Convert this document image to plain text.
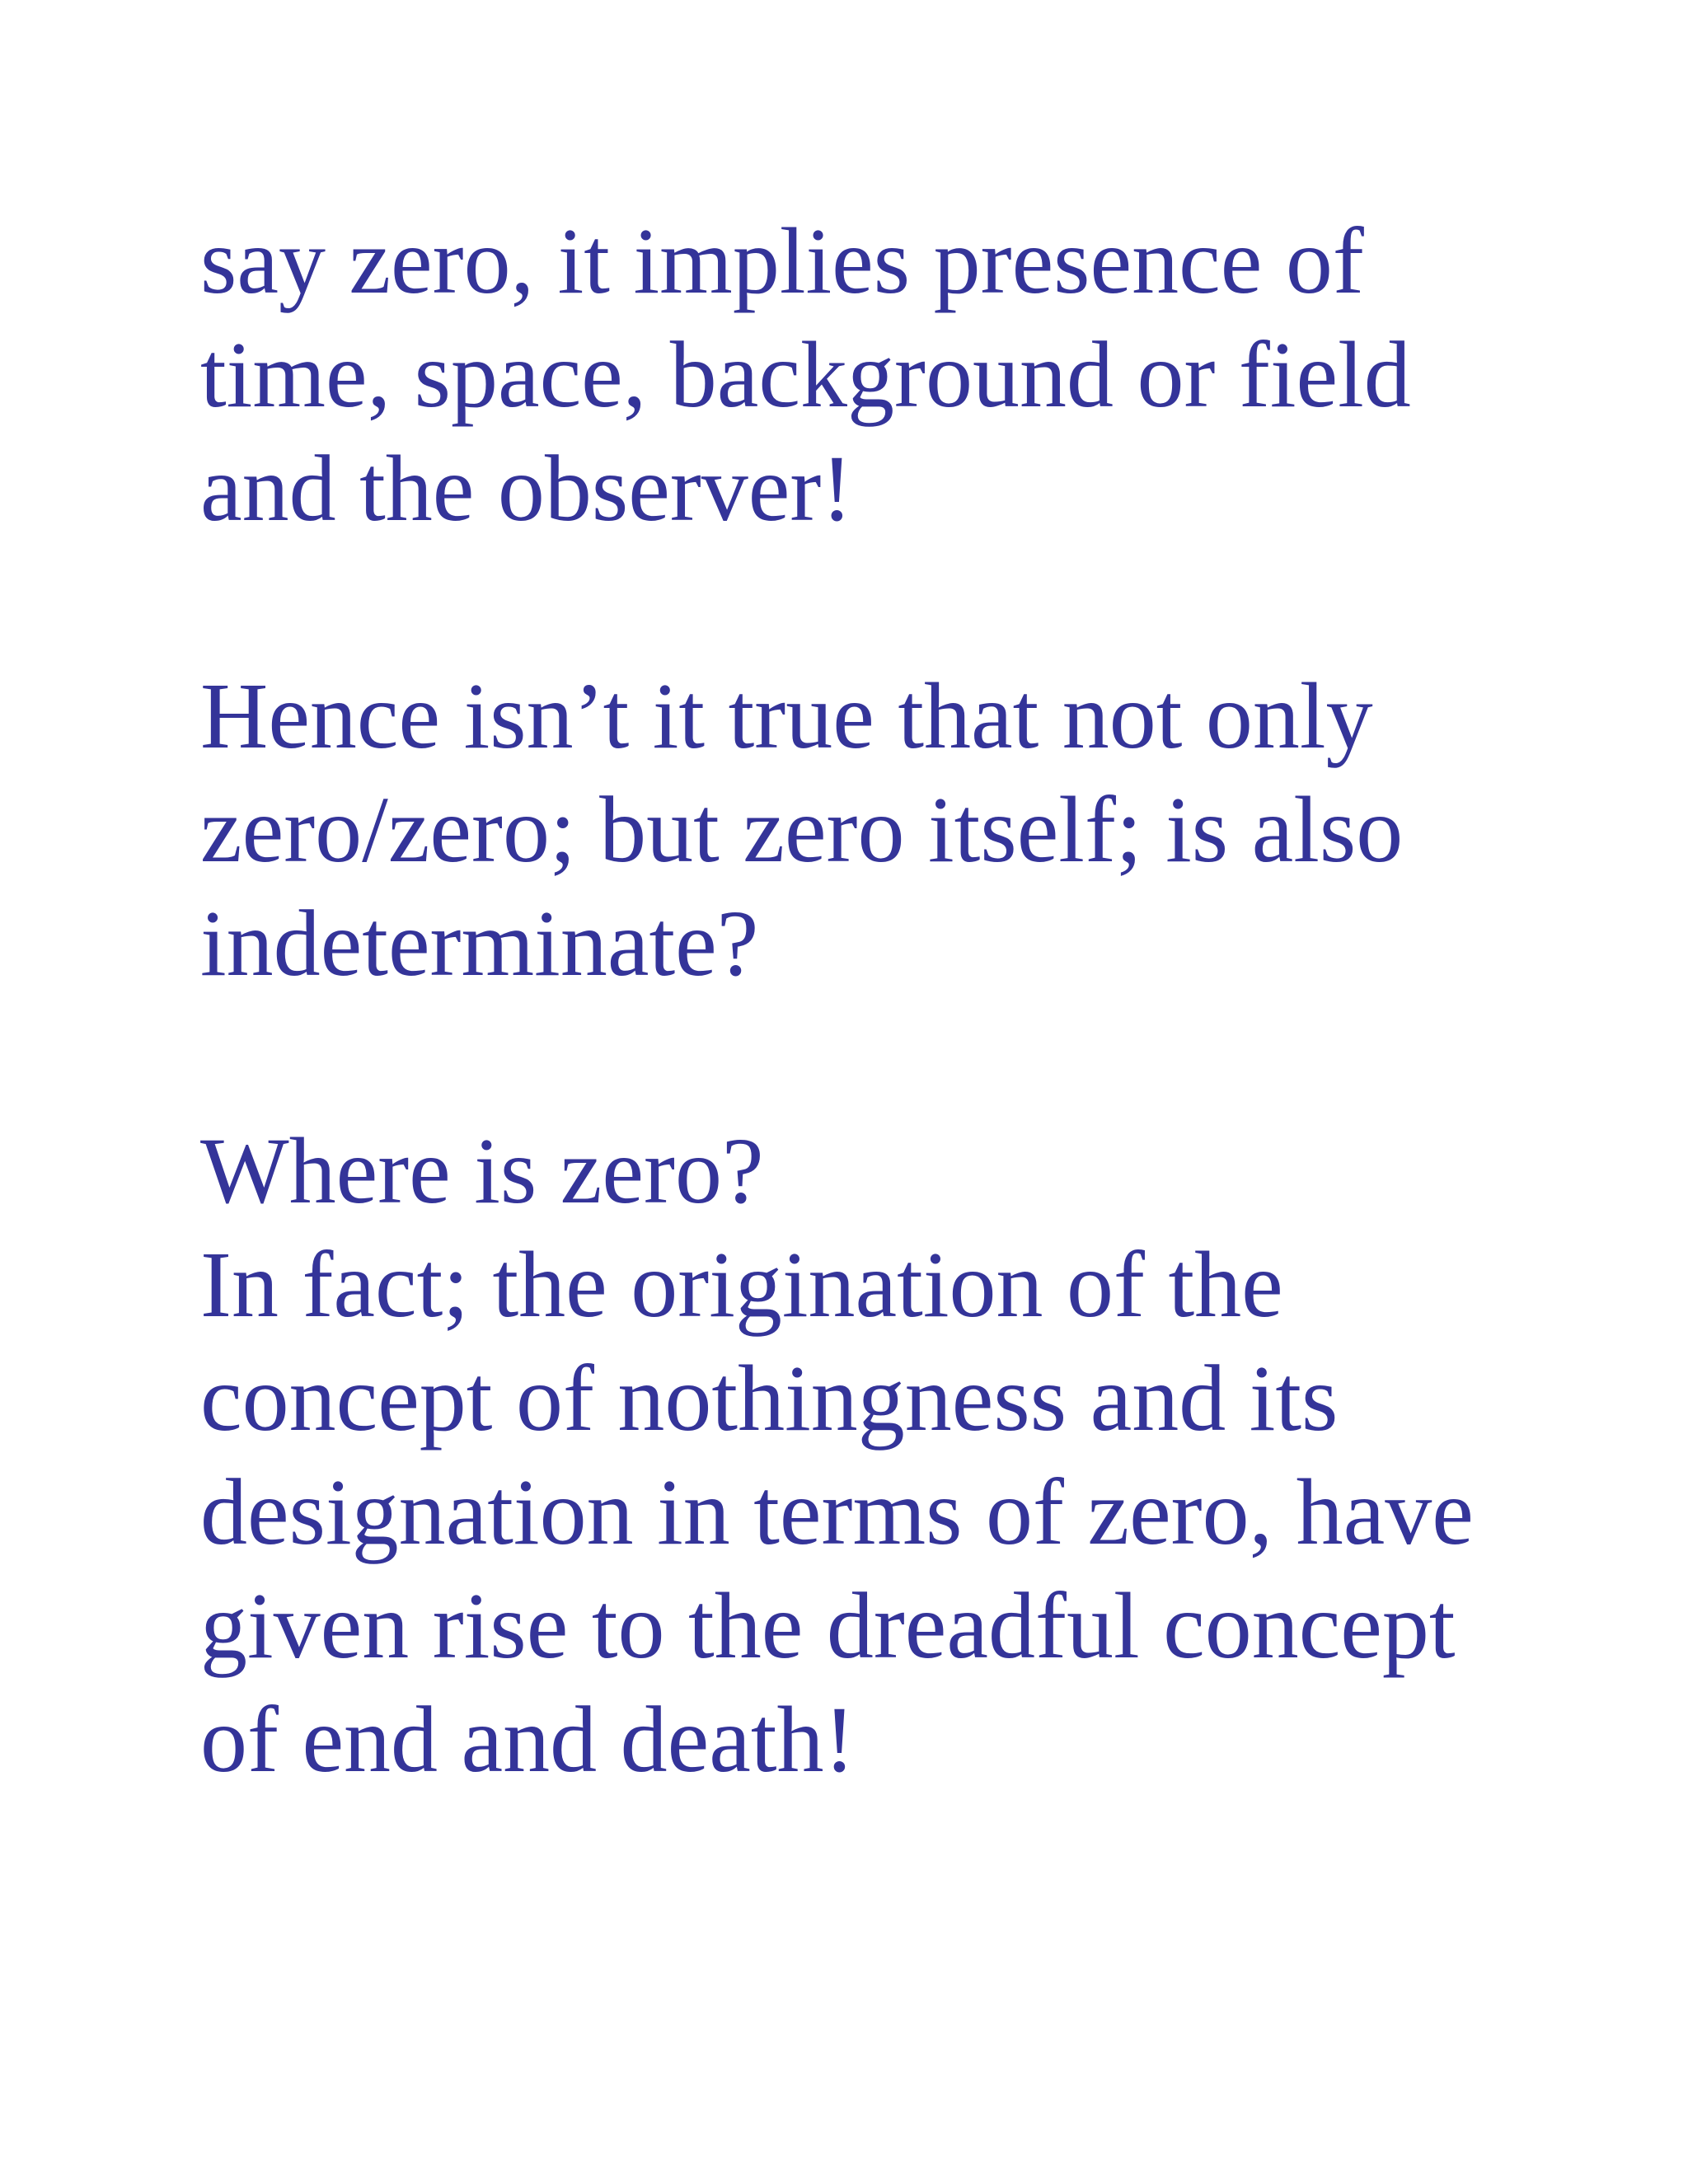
say zero, it implies presence of
time, space, background or field
and the observer!

Hence isn’t it true that not only
zero/zero; but zero itself; is also
indeterminate?

Where is zero?
In fact; the origination of the
concept of nothingness and its
designation in terms of zero, have
given rise to the dreadful concept
of end and death!
